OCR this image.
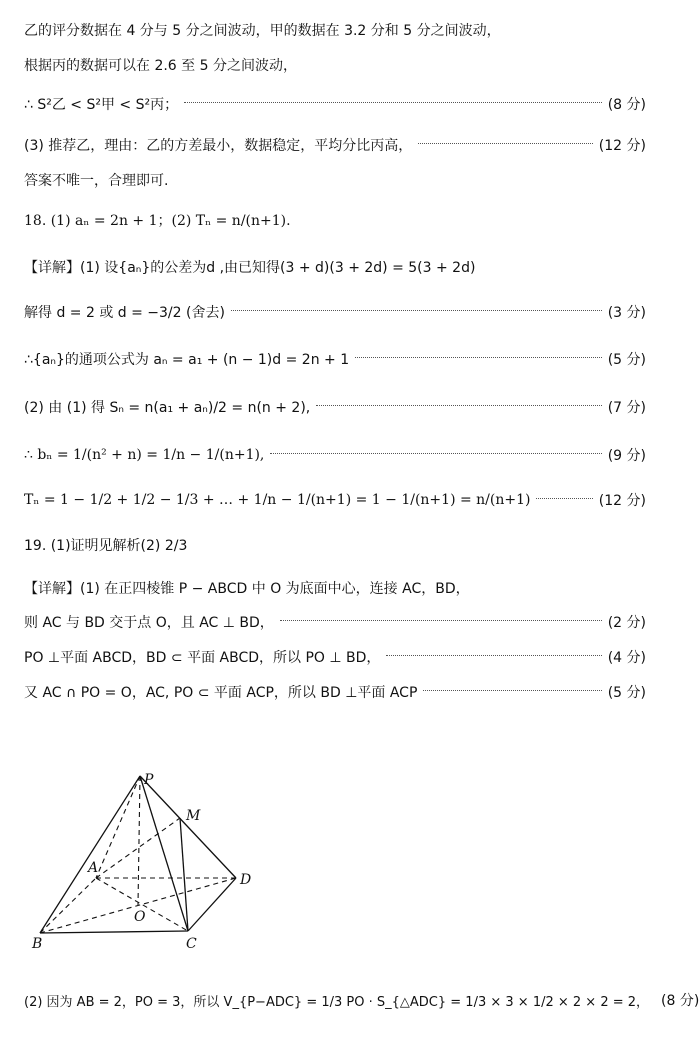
乙的评分数据在 4 分与 5 分之间波动，甲的数据在 3.2 分和 5 分之间波动，
根据丙的数据可以在 2.6 至 5 分之间波动，
∴ S²乙 < S²甲 < S²丙；	(8 分)
(3) 推荐乙，理由：乙的方差最小，数据稳定，平均分比丙高，	(12 分)
答案不唯一，合理即可.
18. (1) aₙ = 2n + 1；(2) Tₙ = n/(n+1).
【详解】(1) 设{aₙ}的公差为d ,由已知得(3 + d)(3 + 2d) = 5(3 + 2d)
解得 d = 2 或 d = −3/2 (舍去)	(3 分)
∴{aₙ}的通项公式为 aₙ = a₁ + (n − 1)d = 2n + 1	(5 分)
(2) 由 (1) 得 Sₙ = n(a₁ + aₙ)/2 = n(n + 2),	(7 分)
∴ bₙ = 1/(n² + n) = 1/n − 1/(n+1),	(9 分)
Tₙ = 1 − 1/2 + 1/2 − 1/3 + … + 1/n − 1/(n+1) = 1 − 1/(n+1) = n/(n+1)	(12 分)
19. (1)证明见解析(2) 2/3
【详解】(1) 在正四棱锥 P − ABCD 中 O 为底面中心，连接 AC，BD，
则 AC 与 BD 交于点 O，且 AC ⊥ BD，	(2 分)
PO ⊥平面 ABCD，BD ⊂ 平面 ABCD，所以 PO ⊥ BD，	(4 分)
又 AC ∩ PO = O，AC, PO ⊂ 平面 ACP，所以 BD ⊥平面 ACP	(5 分)
P
M
A
D
O
B	C
(2) 因为 AB = 2，PO = 3，所以 V_{P−ADC} = 1/3 PO · S_{△ADC} = 1/3 × 3 × 1/2 × 2 × 2 = 2， (8 分)
